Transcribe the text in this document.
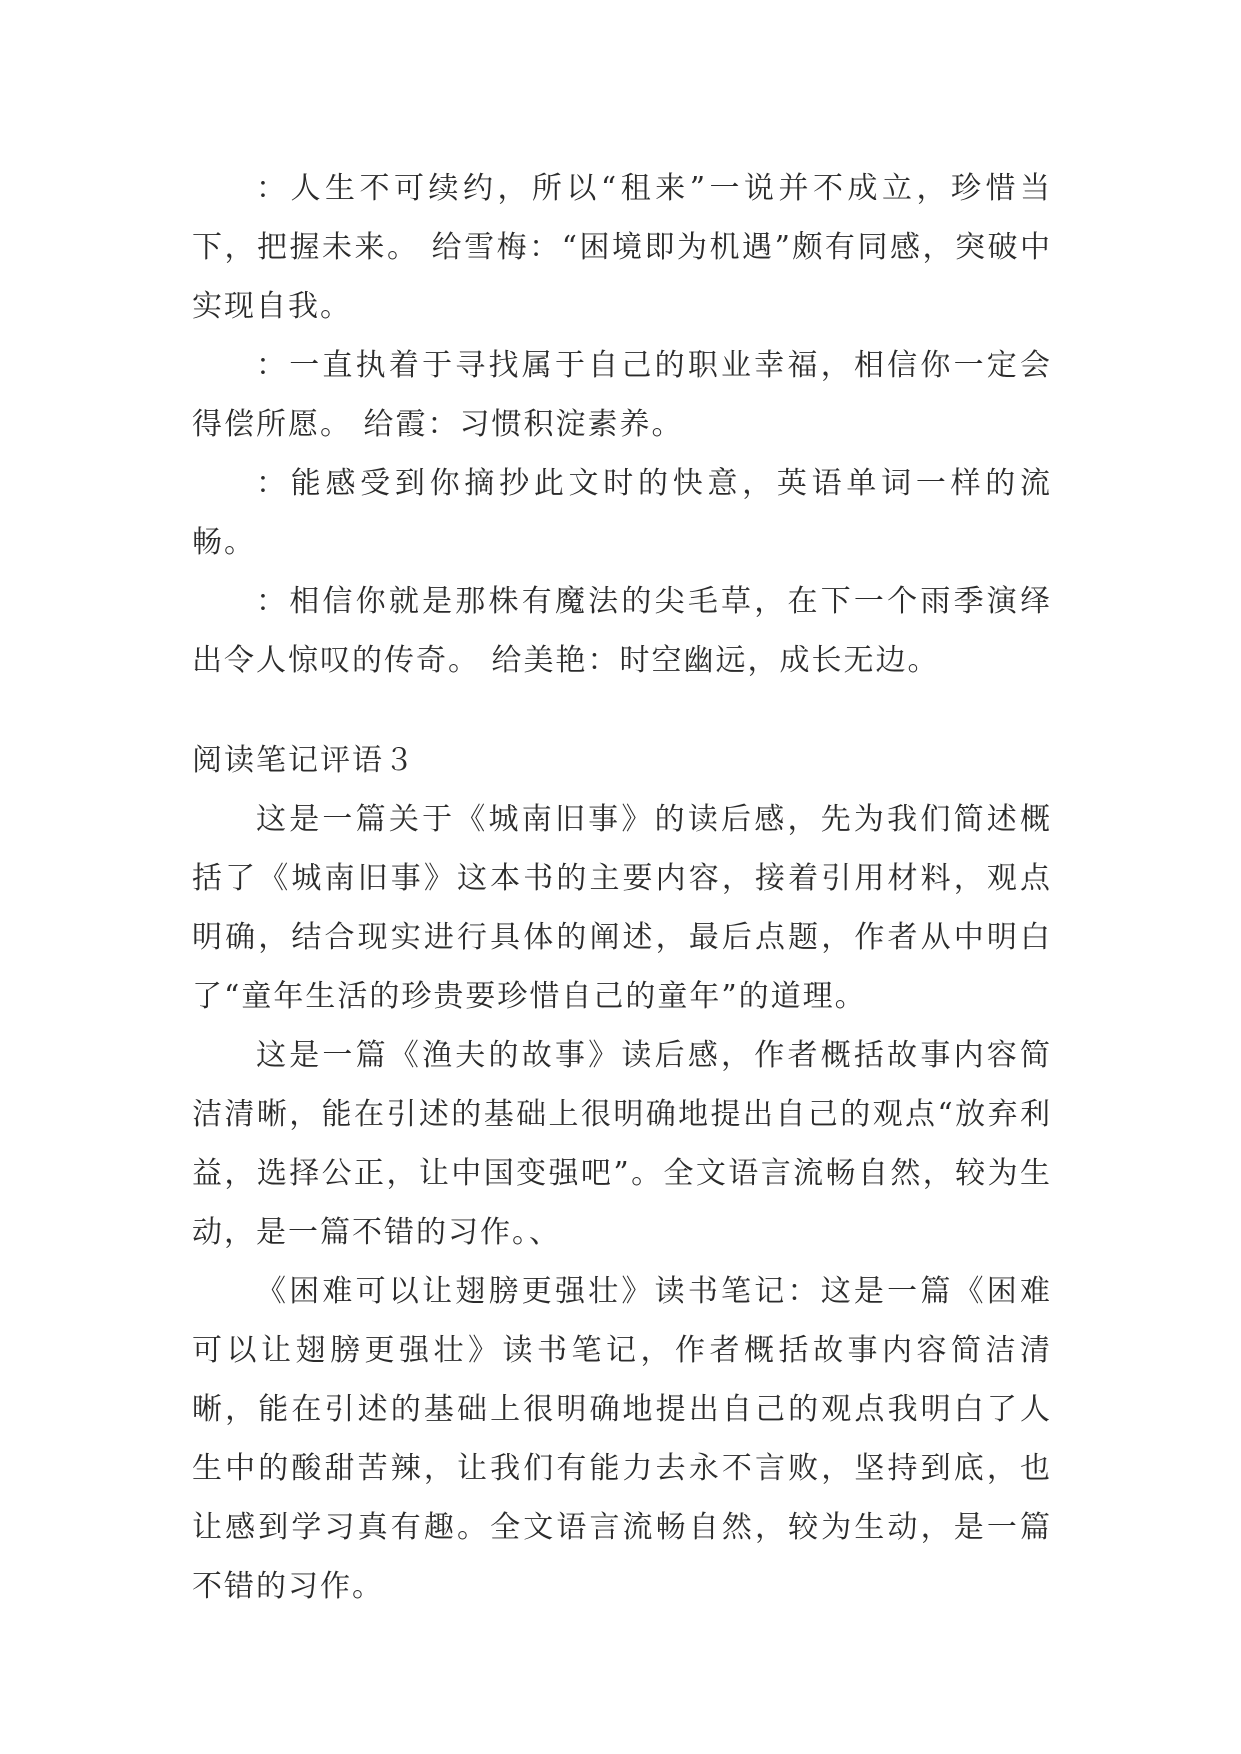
：人生不可续约，所以“租来”一说并不成立，珍惜当下，把握未来。 给雪梅：“困境即为机遇”颇有同感，突破中实现自我。

：一直执着于寻找属于自己的职业幸福，相信你一定会得偿所愿。 给霞：习惯积淀素养。

：能感受到你摘抄此文时的快意，英语单词一样的流畅。

：相信你就是那株有魔法的尖毛草，在下一个雨季演绎出令人惊叹的传奇。 给美艳：时空幽远，成长无边。

阅读笔记评语３

这是一篇关于《城南旧事》的读后感，先为我们简述概括了《城南旧事》这本书的主要内容，接着引用材料，观点明确，结合现实进行具体的阐述，最后点题，作者从中明白了“童年生活的珍贵要珍惜自己的童年”的道理。

这是一篇《渔夫的故事》读后感，作者概括故事内容简洁清晰，能在引述的基础上很明确地提出自己的观点“放弃利益，选择公正，让中国变强吧”。全文语言流畅自然，较为生动，是一篇不错的习作。、

《困难可以让翅膀更强壮》读书笔记：这是一篇《困难可以让翅膀更强壮》读书笔记，作者概括故事内容简洁清晰，能在引述的基础上很明确地提出自己的观点我明白了人生中的酸甜苦辣，让我们有能力去永不言败，坚持到底，也让感到学习真有趣。全文语言流畅自然，较为生动，是一篇不错的习作。
